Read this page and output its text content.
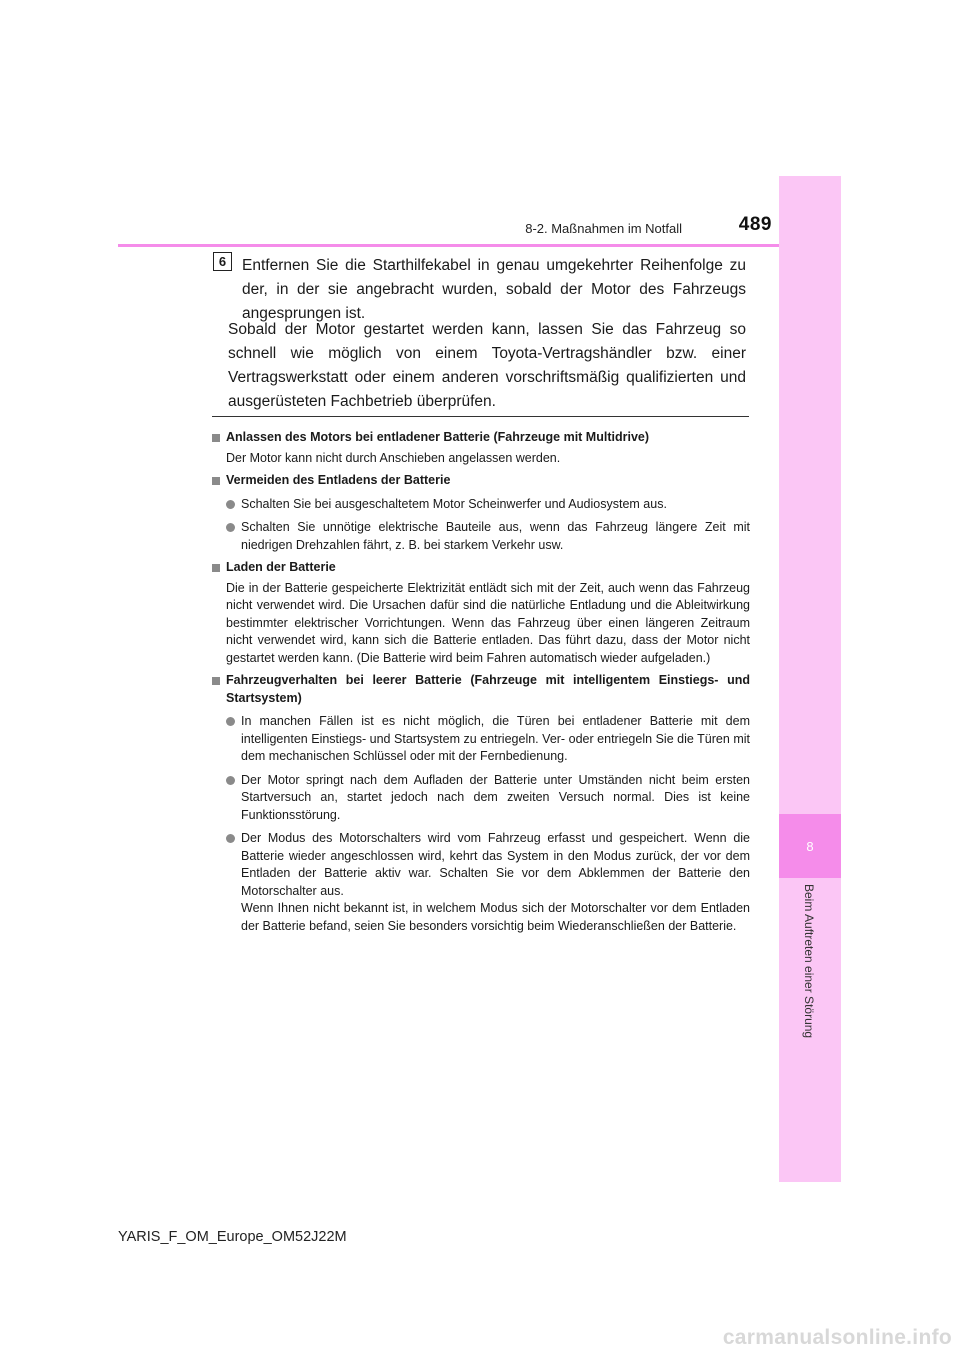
8
Beim Auftreten einer Störung
8-2. Maßnahmen im Notfall	489
6	Entfernen Sie die Starthilfekabel in genau umgekehrter Reihenfolge zu der, in der sie angebracht wurden, sobald der Motor des Fahrzeugs angesprungen ist.

Sobald der Motor gestartet werden kann, lassen Sie das Fahrzeug so schnell wie möglich von einem Toyota-Vertragshändler bzw. einer Vertragswerkstatt oder einem anderen vorschriftsmäßig qualifizierten und ausgerüsteten Fachbetrieb überprüfen.

Anlassen des Motors bei entladener Batterie (Fahrzeuge mit Multidrive)
Der Motor kann nicht durch Anschieben angelassen werden.
Vermeiden des Entladens der Batterie
Schalten Sie bei ausgeschaltetem Motor Scheinwerfer und Audiosystem aus.
Schalten Sie unnötige elektrische Bauteile aus, wenn das Fahrzeug längere Zeit mit niedrigen Drehzahlen fährt, z. B. bei starkem Verkehr usw.
Laden der Batterie
Die in der Batterie gespeicherte Elektrizität entlädt sich mit der Zeit, auch wenn das Fahrzeug nicht verwendet wird. Die Ursachen dafür sind die natürliche Entladung und die Ableitwirkung bestimmter elektrischer Vorrichtungen. Wenn das Fahrzeug über einen längeren Zeitraum nicht verwendet wird, kann sich die Batterie entladen. Das führt dazu, dass der Motor nicht gestartet werden kann. (Die Batterie wird beim Fahren automatisch wieder aufgeladen.)
Fahrzeugverhalten bei leerer Batterie (Fahrzeuge mit intelligentem Einstiegs- und Startsystem)
In manchen Fällen ist es nicht möglich, die Türen bei entladener Batterie mit dem intelligenten Einstiegs- und Startsystem zu entriegeln. Ver- oder entriegeln Sie die Türen mit dem mechanischen Schlüssel oder mit der Fernbedienung.
Der Motor springt nach dem Aufladen der Batterie unter Umständen nicht beim ersten Startversuch an, startet jedoch nach dem zweiten Versuch normal. Dies ist keine Funktionsstörung.
Der Modus des Motorschalters wird vom Fahrzeug erfasst und gespeichert. Wenn die Batterie wieder angeschlossen wird, kehrt das System in den Modus zurück, der vor dem Entladen der Batterie aktiv war. Schalten Sie vor dem Abklemmen der Batterie den Motorschalter aus.
Wenn Ihnen nicht bekannt ist, in welchem Modus sich der Motorschalter vor dem Entladen der Batterie befand, seien Sie besonders vorsichtig beim Wiederanschließen der Batterie.
YARIS_F_OM_Europe_OM52J22M
carmanualsonline.info
